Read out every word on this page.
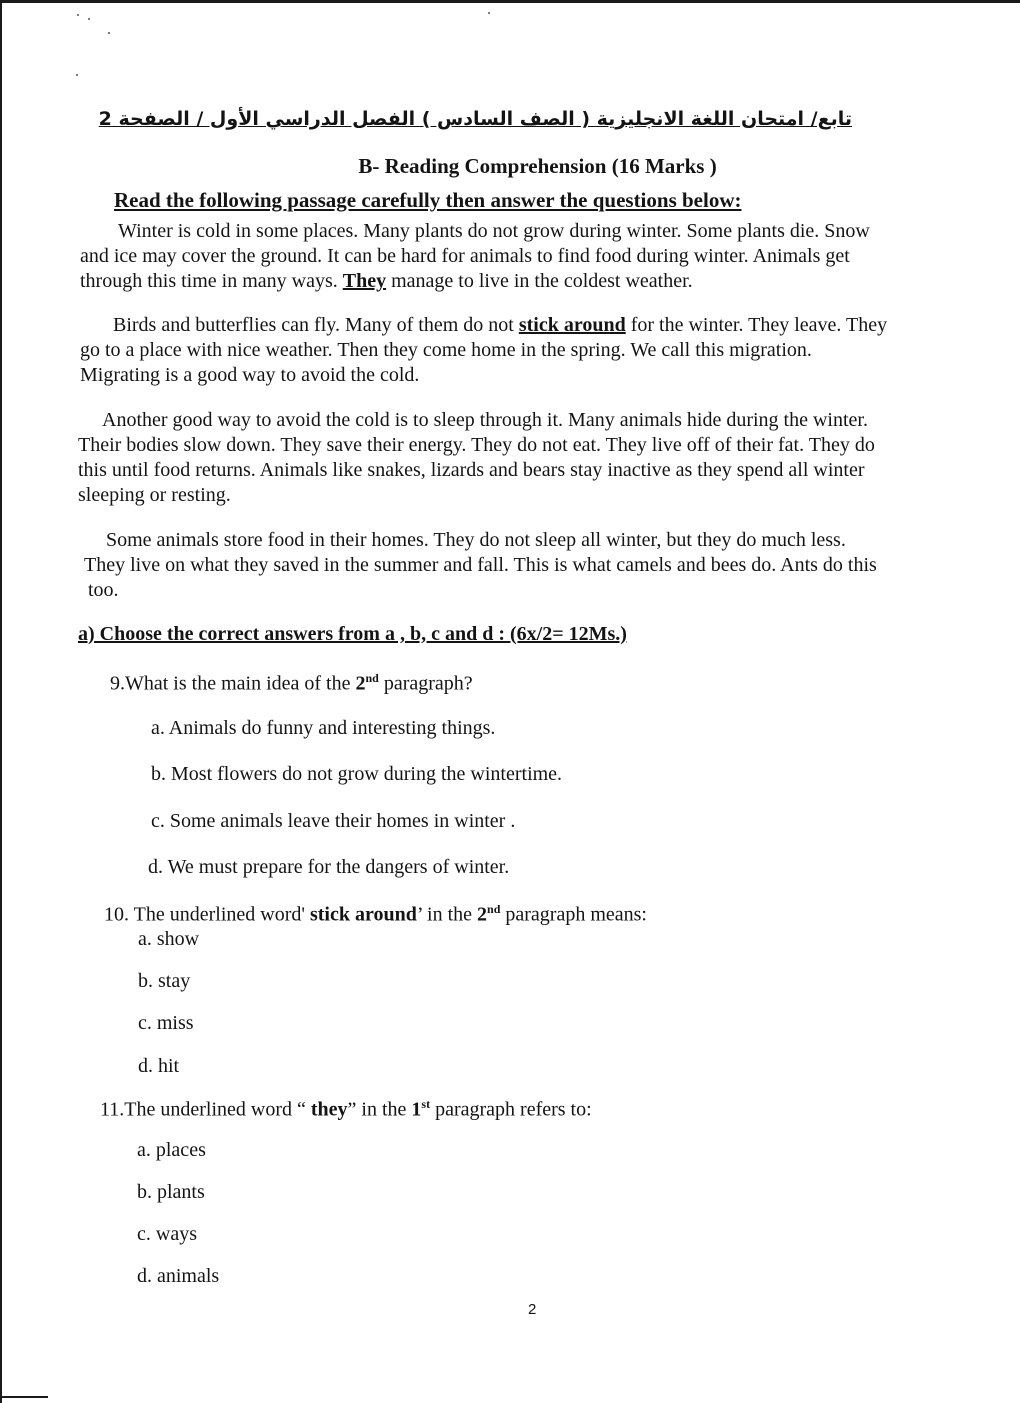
تابع/ امتحان اللغة الانجليزية ( الصف السادس ) الفصل الدراسي الأول / الصفحة 2
B- Reading Comprehension (16 Marks )
Read the following passage carefully then answer the questions below:
Winter is cold in some places. Many plants do not grow during winter. Some plants die. Snow
and ice may cover the ground. It can be hard for animals to find food during winter. Animals get
through this time in many ways. They manage to live in the coldest weather.
Birds and butterflies can fly. Many of them do not stick around for the winter. They leave. They
go to a place with nice weather. Then they come home in the spring. We call this migration.
Migrating is a good way to avoid the cold.
Another good way to avoid the cold is to sleep through it. Many animals hide during the winter.
Their bodies slow down. They save their energy. They do not eat. They live off of their fat. They do
this until food returns. Animals like snakes, lizards and bears stay inactive as they spend all winter
sleeping or resting.
Some animals store food in their homes. They do not sleep all winter, but they do much less.
They live on what they saved in the summer and fall. This is what camels and bees do. Ants do this
too.
a) Choose the correct answers from a , b, c and d : (6x/2= 12Ms.)
9.What is the main idea of the 2nd paragraph?
a. Animals do funny and interesting things.
b. Most flowers do not grow during the wintertime.
c. Some animals leave their homes in winter .
d. We must prepare for the dangers of winter.
10. The underlined word' stick around’ in the 2nd paragraph means:
a. show
b. stay
c. miss
d. hit
11.The underlined word “ they” in the 1st paragraph refers to:
a. places
b. plants
c. ways
d. animals
2
